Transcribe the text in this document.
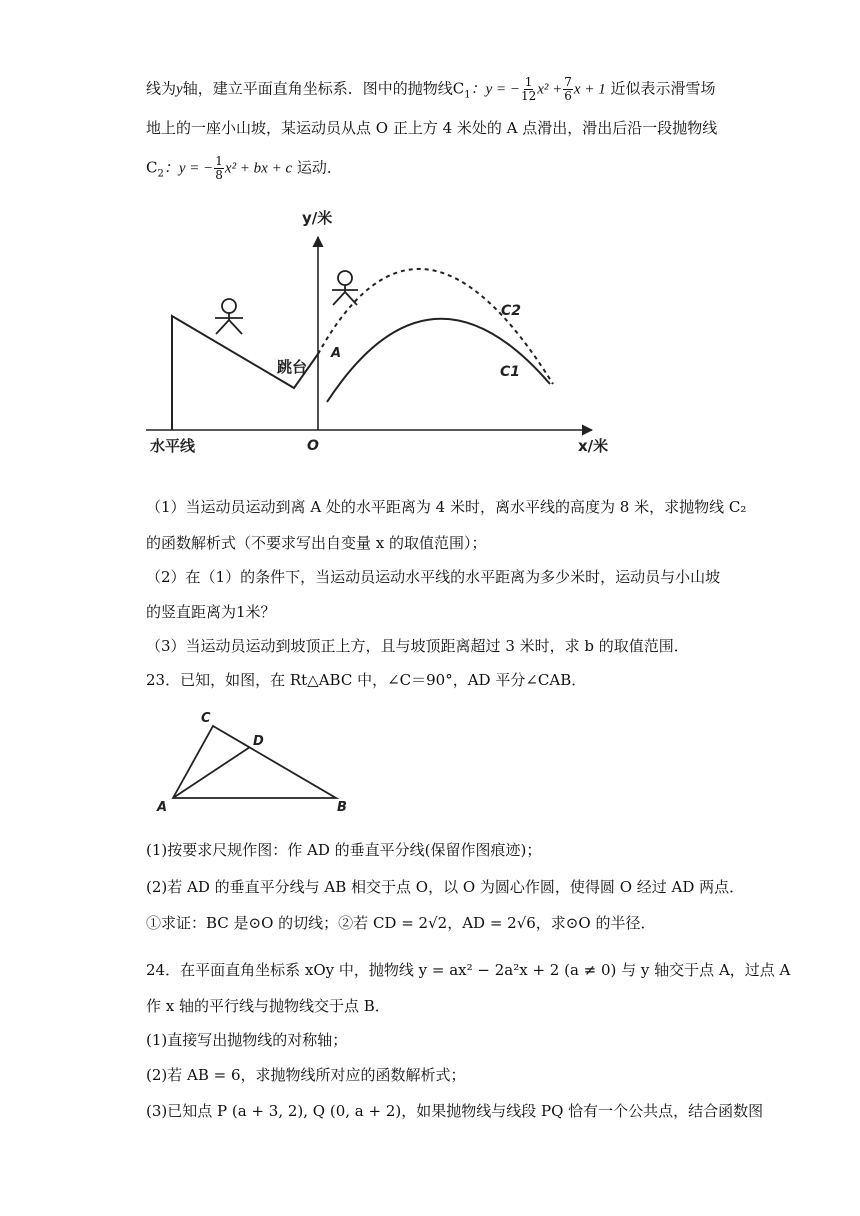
线为y轴，建立平面直角坐标系．图中的抛物线$C_1$：y = − $\frac{1}{12} x^2 + \frac{7}{6}$ x + 1 近似表示滑雪场
地上的一座小山坡，某运动员从点 O 正上方 4 米处的 A 点滑出，滑出后沿一段抛物线
$C_2$：y = − $\frac{1}{8} x^2$ + bx + c 运动．
y/米
x/米
O
A
跳台
水平线
C1
C2
（1）当运动员运动到离 A 处的水平距离为 4 米时，离水平线的高度为 8 米，求抛物线 C₂
的函数解析式（不要求写出自变量 x 的取值范围）；
（2）在（1）的条件下，当运动员运动水平线的水平距离为多少米时，运动员与小山坡
的竖直距离为1米？
（3）当运动员运动到坡顶正上方，且与坡顶距离超过 3 米时，求 b 的取值范围．
23．已知，如图，在 Rt△ABC 中，∠C＝90°，AD 平分∠CAB．
C
D
A	B
(1)按要求尺规作图：作 AD 的垂直平分线(保留作图痕迹)；
(2)若 AD 的垂直平分线与 AB 相交于点 O，以 O 为圆心作圆，使得圆 O 经过 AD 两点．
①求证：BC 是⊙O 的切线；②若 CD = 2√2，AD = 2√6，求⊙O 的半径．
24．在平面直角坐标系 xOy 中，抛物线 y = ax² − 2a²x + 2 (a ≠ 0) 与 y 轴交于点 A，过点 A
作 x 轴的平行线与抛物线交于点 B．
(1)直接写出抛物线的对称轴；
(2)若 AB = 6，求抛物线所对应的函数解析式；
(3)已知点 P (a + 3, 2), Q (0, a + 2)，如果抛物线与线段 PQ 恰有一个公共点，结合函数图
